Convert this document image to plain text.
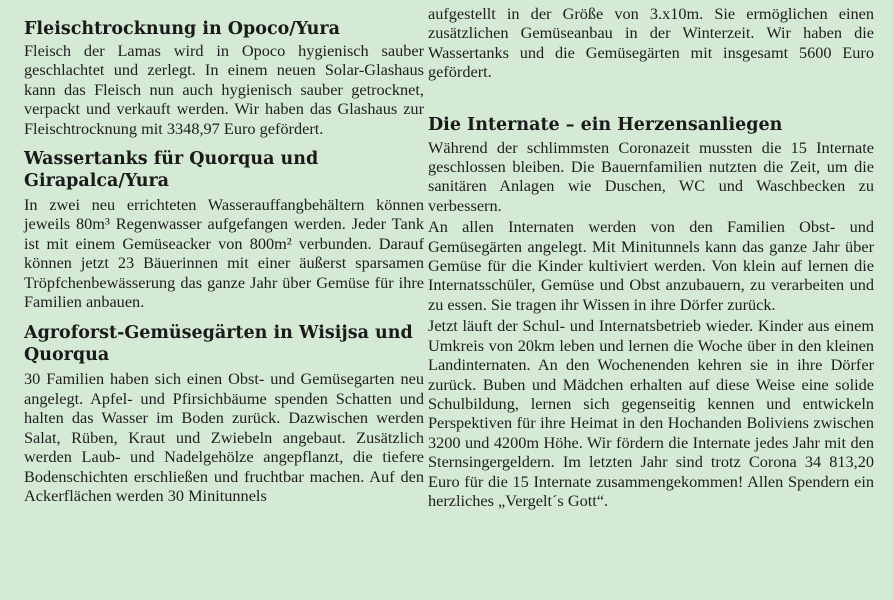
Fleischtrocknung in Opoco/Yura

Fleisch der Lamas wird in Opoco hygienisch sauber geschlachtet und zerlegt. In einem neuen Solar-Glashaus kann das Fleisch nun auch hygienisch sauber getrocknet, verpackt und verkauft werden. Wir haben das Glashaus zur Fleischtrocknung mit 3348,97 Euro gefördert.

Wassertanks für Quorqua und Girapalca/Yura

In zwei neu errichteten Wasserauffangbehältern können jeweils 80m³ Regenwasser aufgefangen werden. Jeder Tank ist mit einem Gemüseacker von 800m² verbunden. Darauf können jetzt 23 Bäuerinnen mit einer äußerst sparsamen Tröpfchenbewässerung das ganze Jahr über Gemüse für ihre Familien anbauen.

Agroforst-Gemüsegärten in Wisijsa und Quorqua

30 Familien haben sich einen Obst- und Gemüsegarten neu angelegt. Apfel- und Pfirsichbäume spenden Schatten und halten das Wasser im Boden zurück. Dazwischen werden Salat, Rüben, Kraut und Zwiebeln angebaut. Zusätzlich werden Laub- und Nadelgehölze angepflanzt, die tiefere Bodenschichten erschließen und fruchtbar machen. Auf den Ackerflächen werden 30 Minitunnels

aufgestellt in der Größe von 3.x10m. Sie ermöglichen einen zusätzlichen Gemüseanbau in der Winterzeit. Wir haben die Wassertanks und die Gemüsegärten mit insgesamt 5600 Euro gefördert.

Die Internate – ein Herzensanliegen

Während der schlimmsten Coronazeit mussten die 15 Internate geschlossen bleiben. Die Bauernfamilien nutzten die Zeit, um die sanitären Anlagen wie Duschen, WC und Waschbecken zu verbessern.

An allen Internaten werden von den Familien Obst- und Gemüsegärten angelegt. Mit Minitunnels kann das ganze Jahr über Gemüse für die Kinder kultiviert werden. Von klein auf lernen die Internatsschüler, Gemüse und Obst anzubauern, zu verarbeiten und zu essen. Sie tragen ihr Wissen in ihre Dörfer zurück.

Jetzt läuft der Schul- und Internatsbetrieb wieder. Kinder aus einem Umkreis von 20km leben und lernen die Woche über in den kleinen Landinternaten. An den Wochenenden kehren sie in ihre Dörfer zurück. Buben und Mädchen erhalten auf diese Weise eine solide Schulbildung, lernen sich gegenseitig kennen und entwickeln Perspektiven für ihre Heimat in den Hochanden Boliviens zwischen 3200 und 4200m Höhe. Wir fördern die Internate jedes Jahr mit den Sternsingergeldern. Im letzten Jahr sind trotz Corona 34 813,20 Euro für die 15 Internate zusammengekommen! Allen Spendern ein herzliches „Vergelt´s Gott“.
